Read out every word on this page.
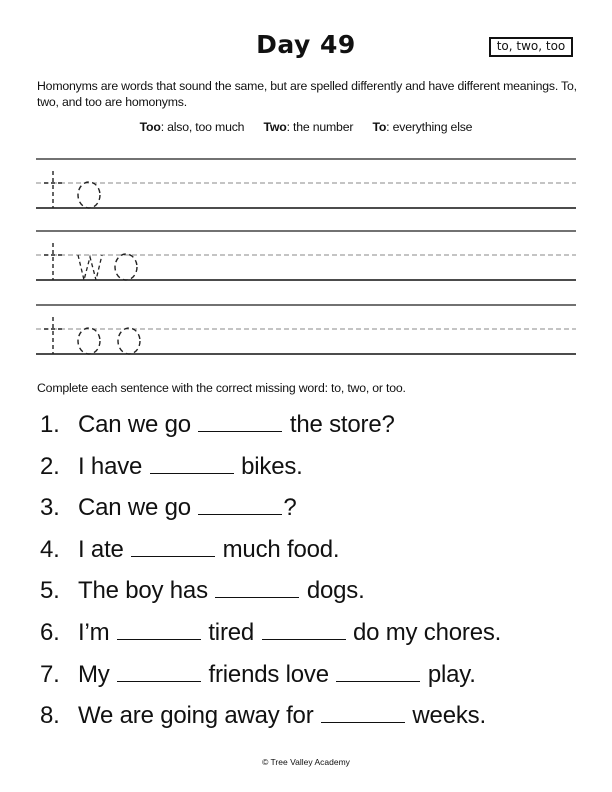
Day 49	to, two, too
Homonyms are words that sound the same, but are spelled differently and have different meanings. To, two, and too are homonyms.
Too: also, too much Two: the number To: everything else
Complete each sentence with the correct missing word: to, two, or too.
1. Can we go	the store?
2. I have	bikes.
3. Can we go	?
4. I ate	much food.
5. The boy has	dogs.
6. I’m	tired	do my chores.
7. My	friends love	play.
8. We are going away for	weeks.
© Tree Valley Academy
